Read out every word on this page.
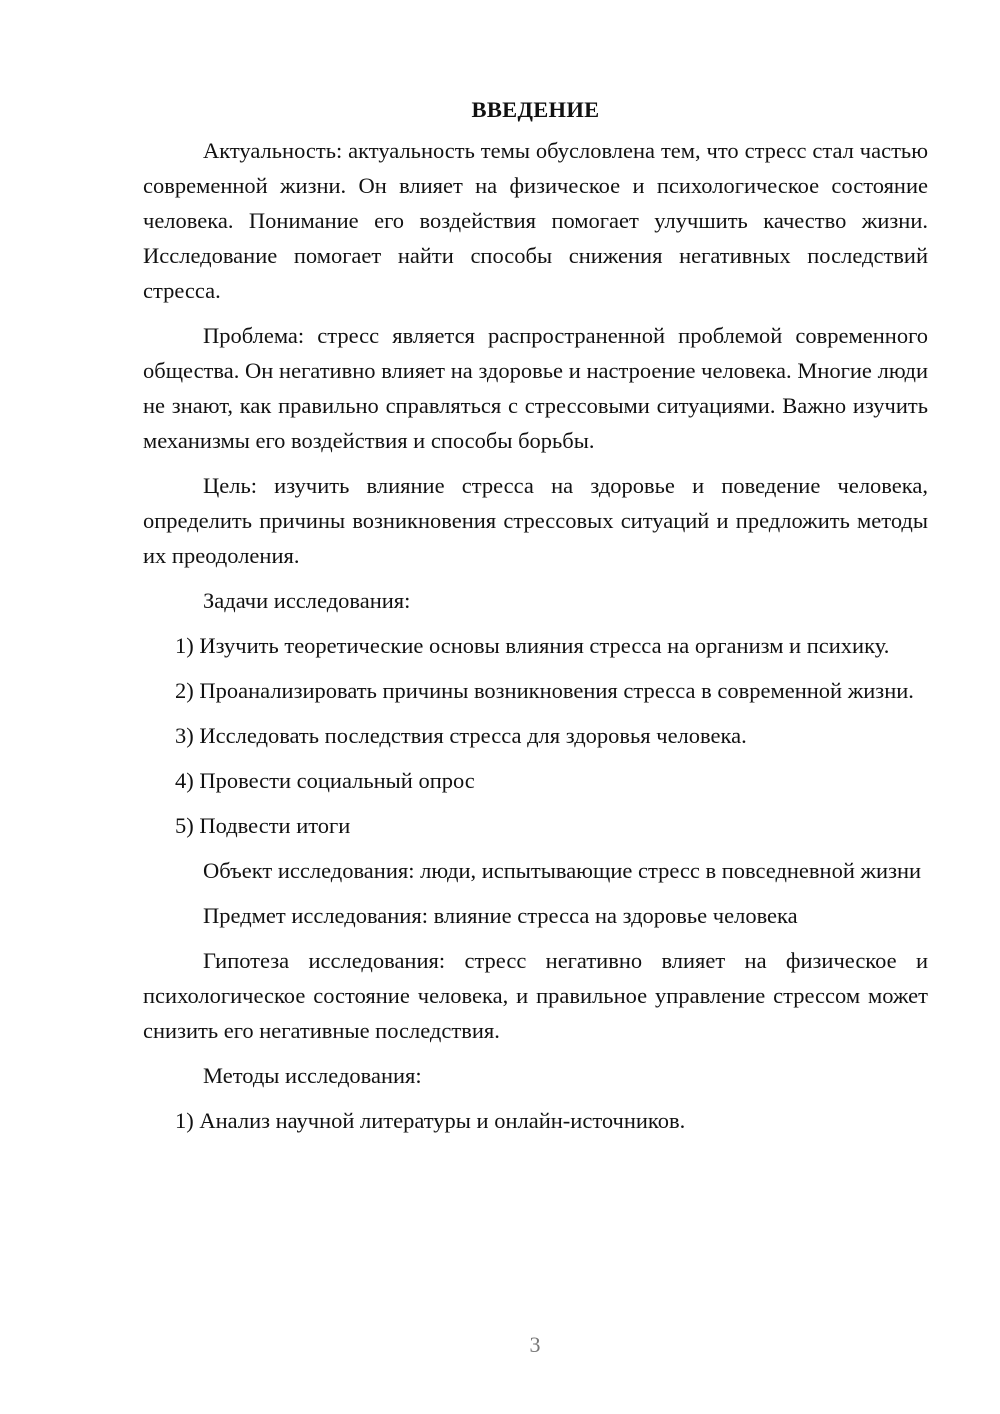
ВВЕДЕНИЕ

Актуальность: актуальность темы обусловлена тем, что стресс стал частью современной жизни. Он влияет на физическое и психологическое состояние человека. Понимание его воздействия помогает улучшить качество жизни. Исследование помогает найти способы снижения негативных последствий стресса.

Проблема: стресс является распространенной проблемой современного общества. Он негативно влияет на здоровье и настроение человека. Многие люди не знают, как правильно справляться с стрессовыми ситуациями. Важно изучить механизмы его воздействия и способы борьбы.

Цель: изучить влияние стресса на здоровье и поведение человека, определить причины возникновения стрессовых ситуаций и предложить методы их преодоления.

Задачи исследования:

1) Изучить теоретические основы влияния стресса на организм и психику.

2) Проанализировать причины возникновения стресса в современной жизни.

3) Исследовать последствия стресса для здоровья человека.

4) Провести социальный опрос

5) Подвести итоги

Объект исследования: люди, испытывающие стресс в повседневной жизни

Предмет исследования: влияние стресса на здоровье человека

Гипотеза исследования: стресс негативно влияет на физическое и психологическое состояние человека, и правильное управление стрессом может снизить его негативные последствия.

Методы исследования:

1) Анализ научной литературы и онлайн-источников.

3
